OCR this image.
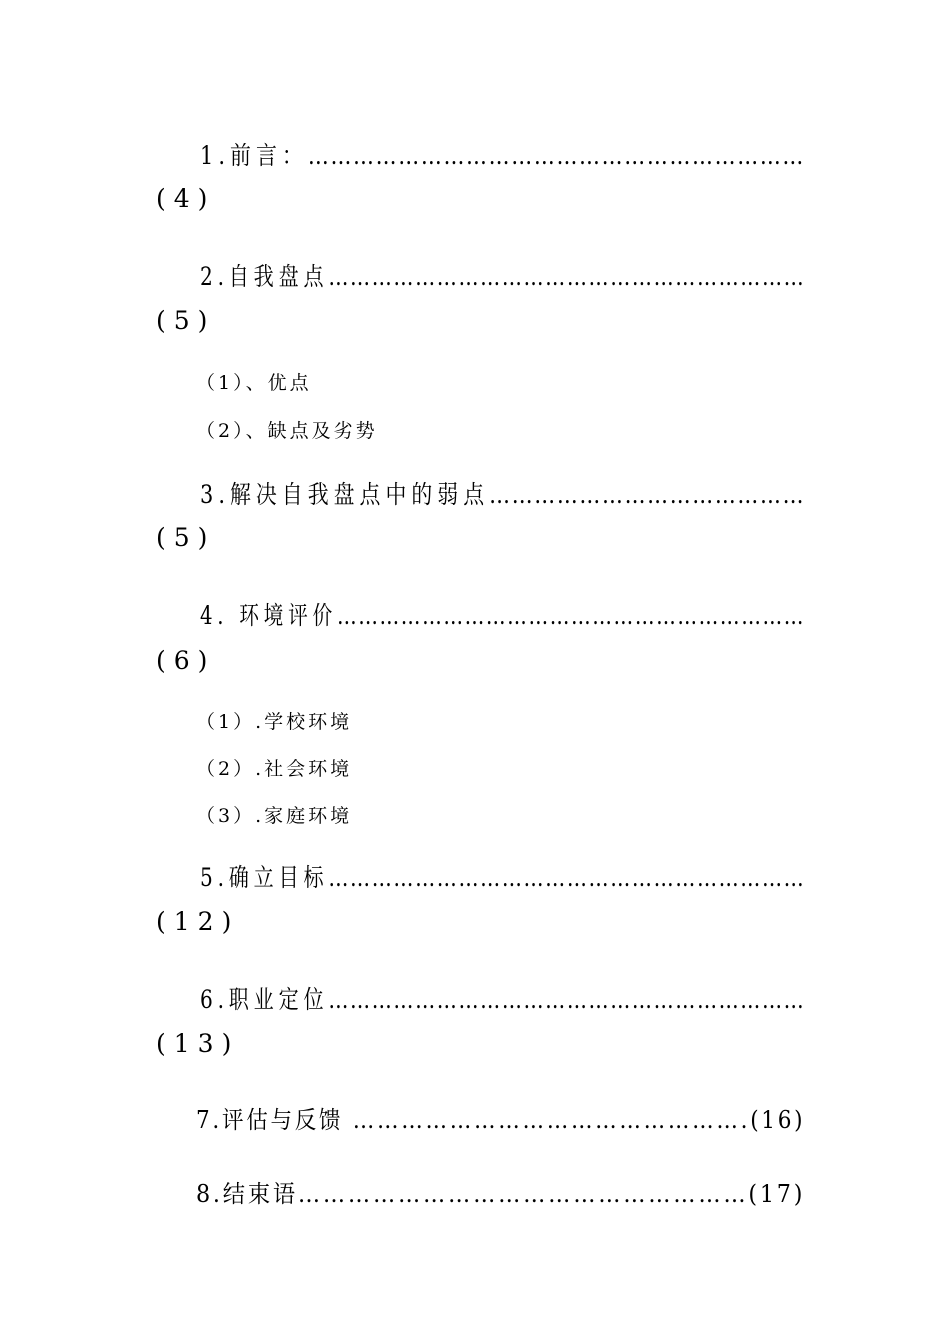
1.前言：…………………………………………………………
(4)
2.自我盘点…………………………………………………………
(5)
（1）、优点
（2）、缺点及劣势
3.解决自我盘点中的弱点……………………………………
(5)
4. 环境评价…………………………………………………………
(6)
（1）.学校环境
（2）.社会环境
（3）.家庭环境
5.确立目标…………………………………………………………
(12)
6.职业定位…………………………………………………………
(13)
7.评估与反馈 ………………………………………….(16)
8.结束语………………………………………………(17)
